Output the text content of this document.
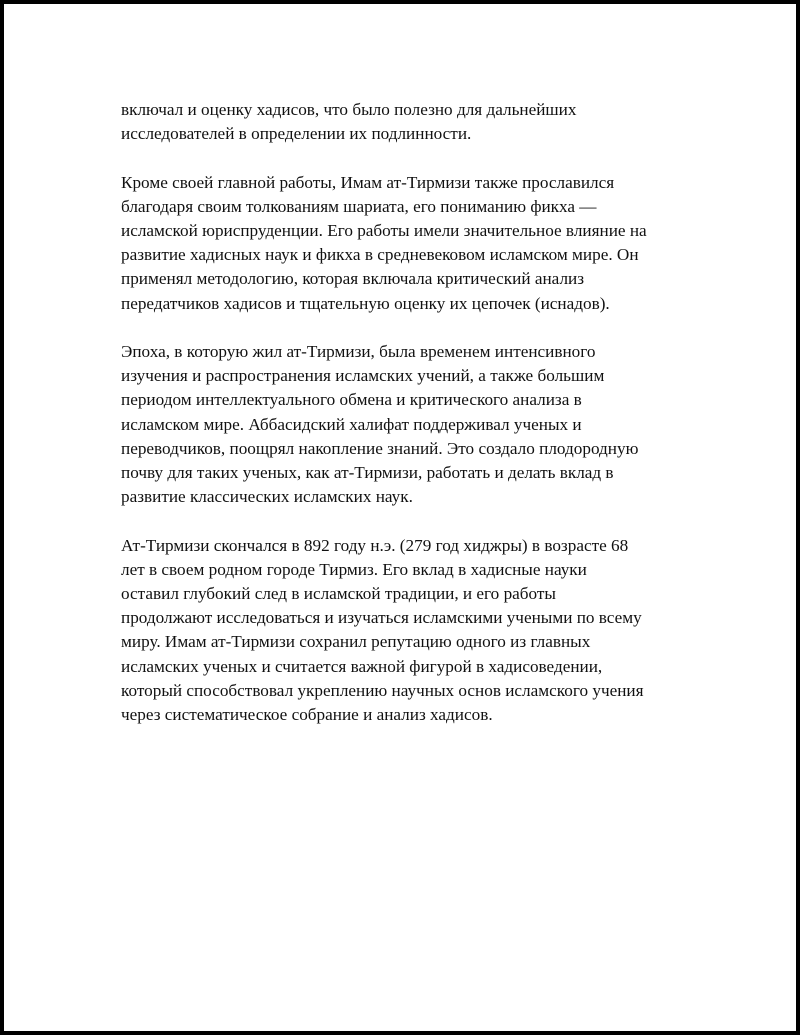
включал и оценку хадисов, что было полезно для дальнейших
исследователей в определении их подлинности.

Кроме своей главной работы, Имам ат-Тирмизи также прославился
благодаря своим толкованиям шариата, его пониманию фикха —
исламской юриспруденции. Его работы имели значительное влияние на
развитие хадисных наук и фикха в средневековом исламском мире. Он
применял методологию, которая включала критический анализ
передатчиков хадисов и тщательную оценку их цепочек (иснадов).

Эпоха, в которую жил ат-Тирмизи, была временем интенсивного
изучения и распространения исламских учений, а также большим
периодом интеллектуального обмена и критического анализа в
исламском мире. Аббасидский халифат поддерживал ученых и
переводчиков, поощрял накопление знаний. Это создало плодородную
почву для таких ученых, как ат-Тирмизи, работать и делать вклад в
развитие классических исламских наук.

Ат-Тирмизи скончался в 892 году н.э. (279 год хиджры) в возрасте 68
лет в своем родном городе Тирмиз. Его вклад в хадисные науки
оставил глубокий след в исламской традиции, и его работы
продолжают исследоваться и изучаться исламскими учеными по всему
миру. Имам ат-Тирмизи сохранил репутацию одного из главных
исламских ученых и считается важной фигурой в хадисоведении,
который способствовал укреплению научных основ исламского учения
через систематическое собрание и анализ хадисов.
